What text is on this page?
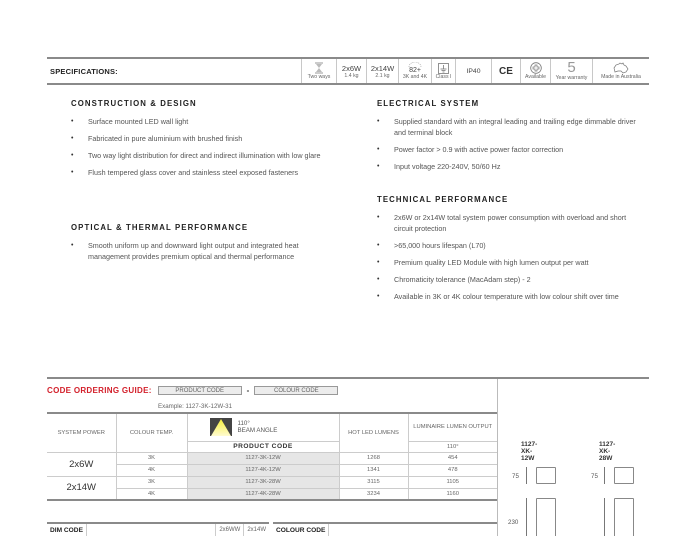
SPECIFICATIONS:
Two ways
2x6W
1.4 kg
2x14W
2.1 kg
82+
3K and 4K Class I
IP40 CE
Available
5
Year warranty	Made in Australia
CONSTRUCTION & DESIGN
• Surface mounted LED wall light
• Fabricated in pure aluminium with brushed finish
• Two way light distribution for direct and indirect illumination with low glare
• Flush tempered glass cover and stainless steel exposed fasteners
OPTICAL & THERMAL PERFORMANCE
• Smooth uniform up and downward light output and integrated heat management provides premium optical and thermal performance
ELECTRICAL SYSTEM
• Supplied standard with an integral leading and trailing edge dimmable driver and terminal block
• Power factor > 0.9 with active power factor correction
• Input voltage 220-240V, 50/60 Hz
TECHNICAL PERFORMANCE
• 2x6W or 2x14W total system power consumption with overload and short circuit protection
• >65,000 hours lifespan (L70)
• Premium quality LED Module with high lumen output per watt
• Chromaticity tolerance (MacAdam step) - 2
• Available in 3K or 4K colour temperature with low colour shift over time
CODE ORDERING GUIDE:	PRODUCT CODE	-	COLOUR CODE
Example: 1127-3K-12W-31
SYSTEM POWER	COLOUR TEMP.	110°
BEAM ANGLE	HOT LED LUMENS	LUMINAIRE LUMEN OUTPUT
		PRODUCT CODE		110°
2x6W	3K	1127-3K-12W	1268	454
	4K	1127-4K-12W	1341	478
2x14W	3K	1127-3K-28W	3115	1105
	4K	1127-4K-28W	3234	1160
1127-XK-12W
75
230
1127-XK-28W
75
DIM CODE	2x6WW	2x14W	COLOUR CODE
